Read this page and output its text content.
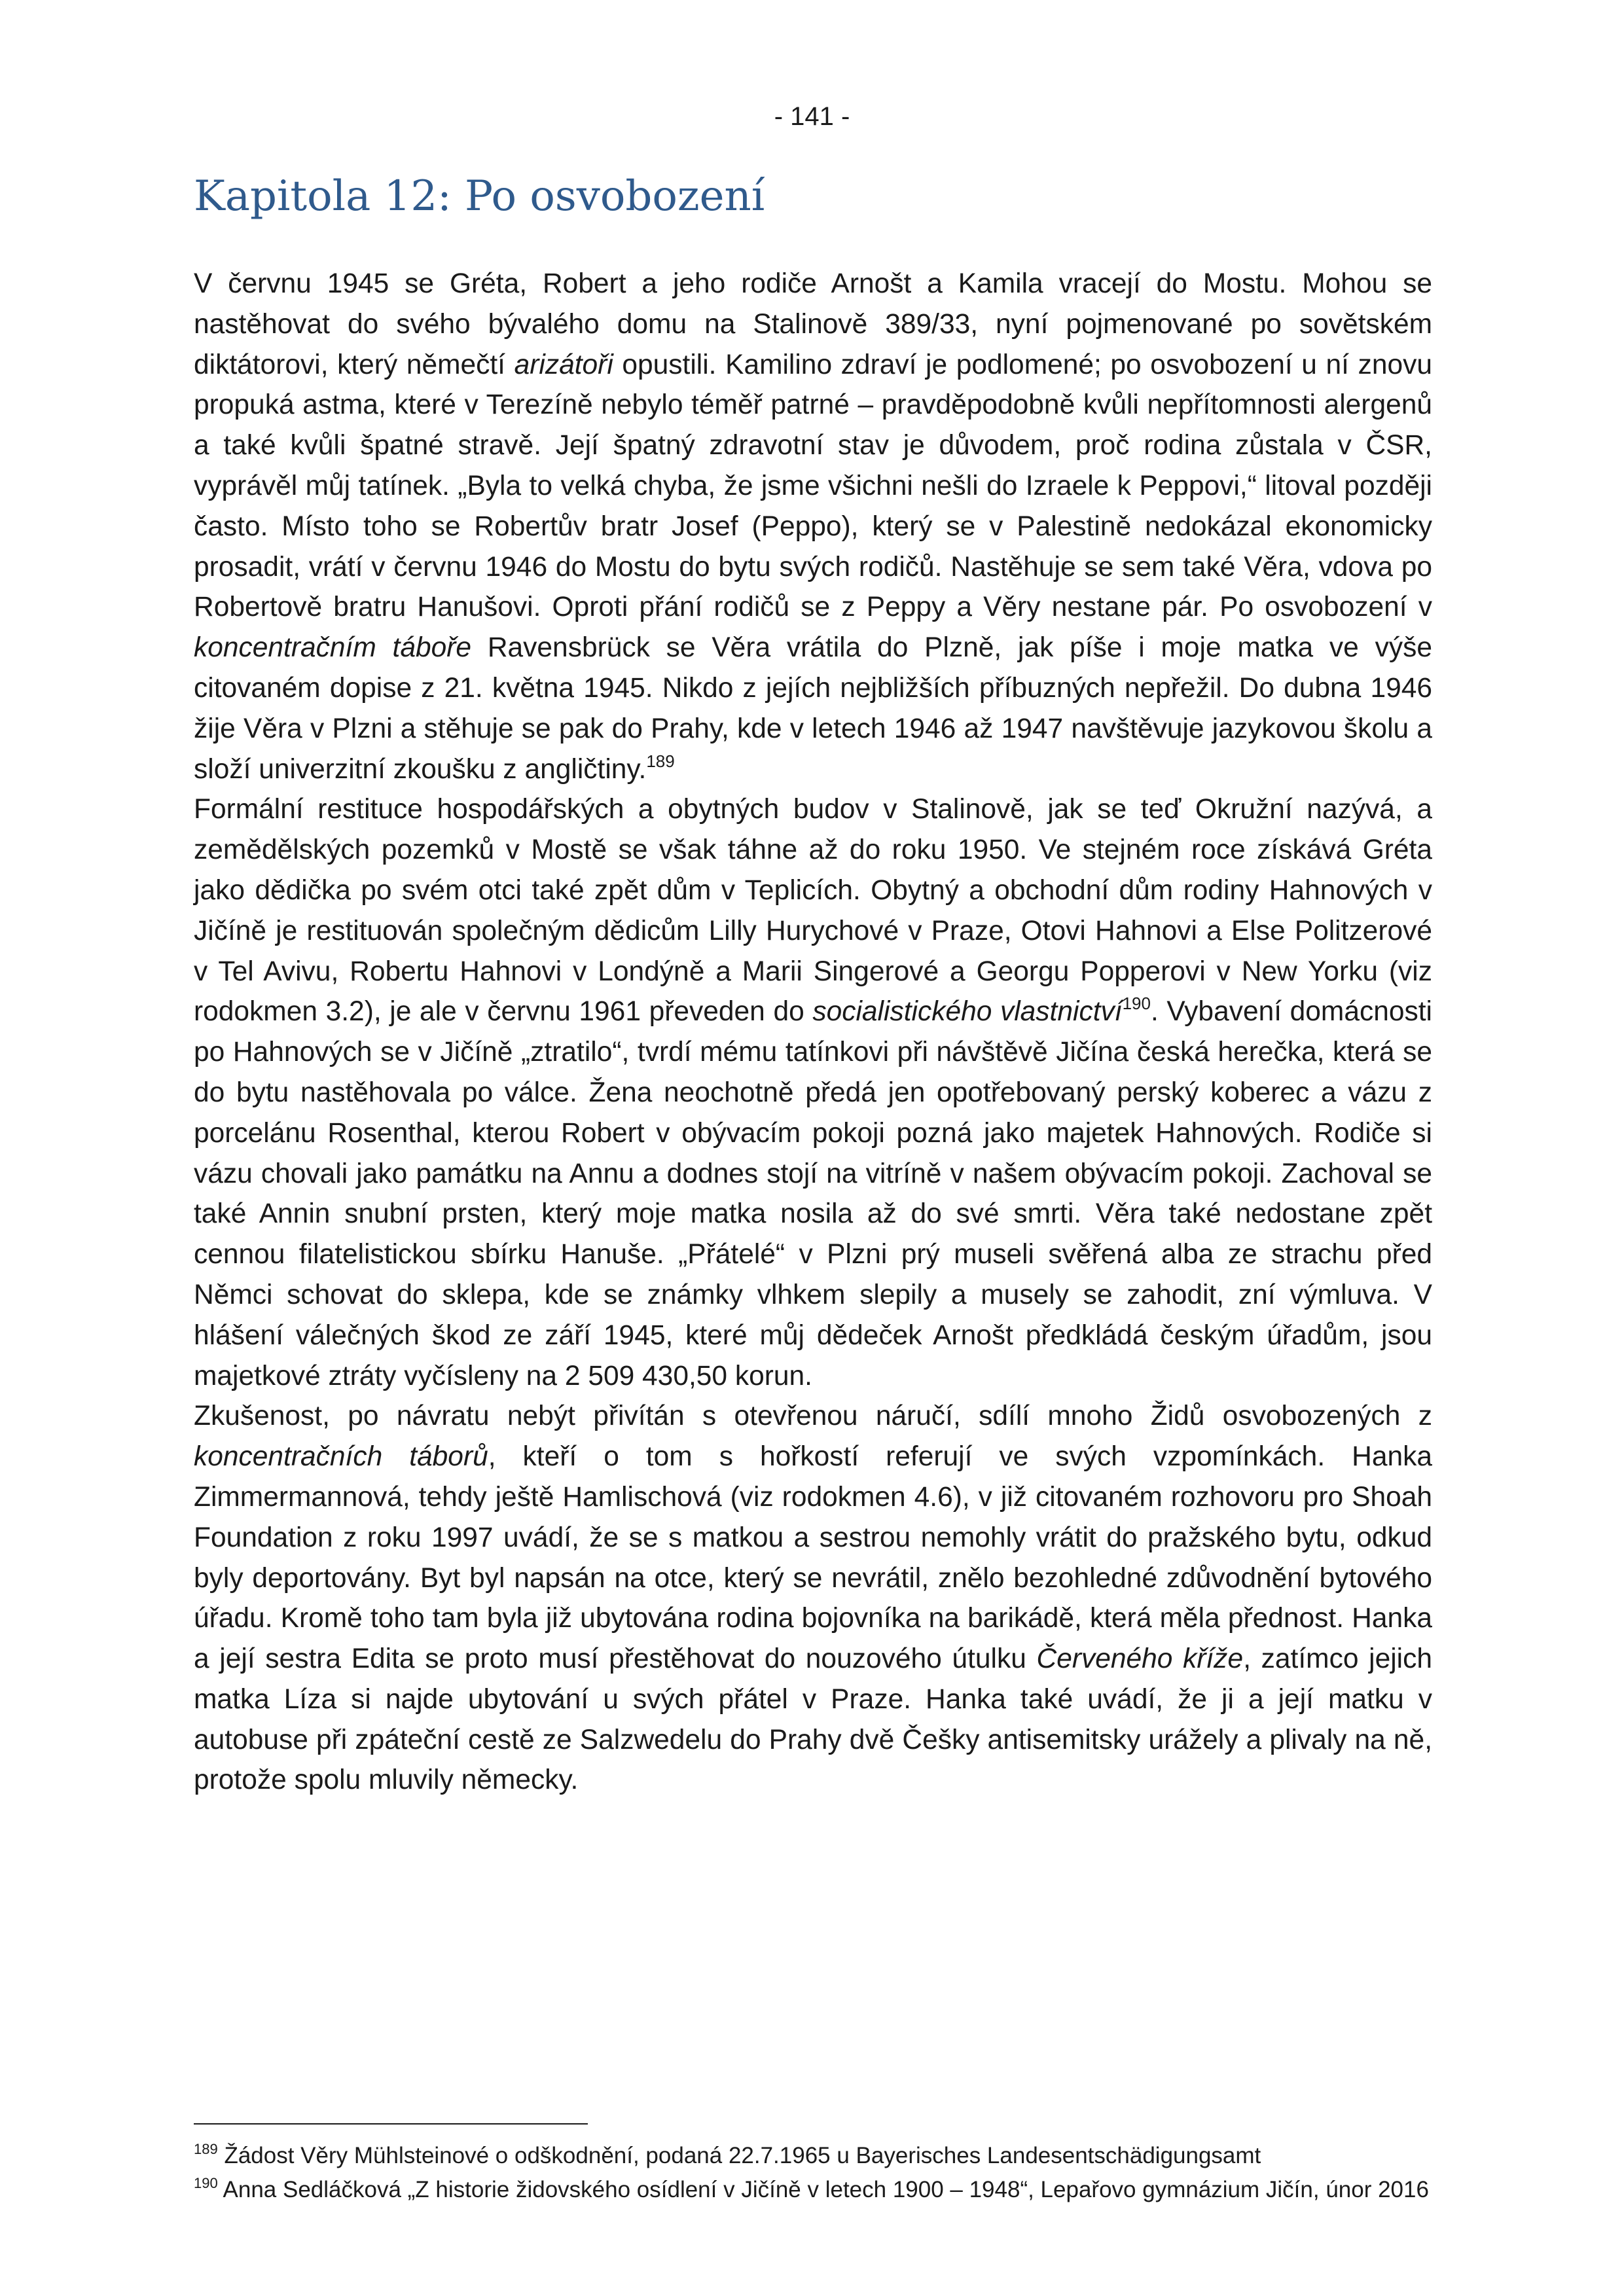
- 141 -
Kapitola 12: Po osvobození

V červnu 1945 se Gréta, Robert a jeho rodiče Arnošt a Kamila vracejí do Mostu. Mohou se nastěhovat do svého bývalého domu na Stalinově 389/33, nyní pojmenované po sovětském diktátorovi, který němečtí arizátoři opustili. Kamilino zdraví je podlomené; po osvobození u ní znovu propuká astma, které v Terezíně nebylo téměř patrné – pravděpodobně kvůli nepřítomnosti alergenů a také kvůli špatné stravě. Její špatný zdravotní stav je důvodem, proč rodina zůstala v ČSR, vyprávěl můj tatínek. „Byla to velká chyba, že jsme všichni nešli do Izraele k Peppovi,“ litoval později často. Místo toho se Robertův bratr Josef (Peppo), který se v Palestině nedokázal ekonomicky prosadit, vrátí v červnu 1946 do Mostu do bytu svých rodičů. Nastěhuje se sem také Věra, vdova po Robertově bratru Hanušovi. Oproti přání rodičů se z Peppy a Věry nestane pár. Po osvobození v koncentračním táboře Ravensbrück se Věra vrátila do Plzně, jak píše i moje matka ve výše citovaném dopise z 21. května 1945. Nikdo z jejích nejbližších příbuzných nepřežil. Do dubna 1946 žije Věra v Plzni a stěhuje se pak do Prahy, kde v letech 1946 až 1947 navštěvuje jazykovou školu a složí univerzitní zkoušku z angličtiny.$^{189}$

Formální restituce hospodářských a obytných budov v Stalinově, jak se teď Okružní nazývá, a zemědělských pozemků v Mostě se však táhne až do roku 1950. Ve stejném roce získává Gréta jako dědička po svém otci také zpět dům v Teplicích. Obytný a obchodní dům rodiny Hahnových v Jičíně je restituován společným dědicům Lilly Hurychové v Praze, Otovi Hahnovi a Else Politzerové v Tel Avivu, Robertu Hahnovi v Londýně a Marii Singerové a Georgu Popperovi v New Yorku (viz rodokmen 3.2), je ale v červnu 1961 převeden do socialistického vlastnictví$^{190}$. Vybavení domácnosti po Hahnových se v Jičíně „ztratilo“, tvrdí mému tatínkovi při návštěvě Jičína česká herečka, která se do bytu nastěhovala po válce. Žena neochotně předá jen opotřebovaný perský koberec a vázu z porcelánu Rosenthal, kterou Robert v obývacím pokoji pozná jako majetek Hahnových. Rodiče si vázu chovali jako památku na Annu a dodnes stojí na vitríně v našem obývacím pokoji. Zachoval se také Annin snubní prsten, který moje matka nosila až do své smrti. Věra také nedostane zpět cennou filatelistickou sbírku Hanuše. „Přátelé“ v Plzni prý museli svěřená alba ze strachu před Němci schovat do sklepa, kde se známky vlhkem slepily a musely se zahodit, zní výmluva. V hlášení válečných škod ze září 1945, které můj dědeček Arnošt předkládá českým úřadům, jsou majetkové ztráty vyčísleny na 2 509 430,50 korun.

Zkušenost, po návratu nebýt přivítán s otevřenou náručí, sdílí mnoho Židů osvobozených z koncentračních táborů, kteří o tom s hořkostí referují ve svých vzpomínkách. Hanka Zimmermannová, tehdy ještě Hamlischová (viz rodokmen 4.6), v již citovaném rozhovoru pro Shoah Foundation z roku 1997 uvádí, že se s matkou a sestrou nemohly vrátit do pražského bytu, odkud byly deportovány. Byt byl napsán na otce, který se nevrátil, znělo bezohledné zdůvodnění bytového úřadu. Kromě toho tam byla již ubytována rodina bojovníka na barikádě, která měla přednost. Hanka a její sestra Edita se proto musí přestěhovat do nouzového útulku Červeného kříže, zatímco jejich matka Líza si najde ubytování u svých přátel v Praze. Hanka také uvádí, že ji a její matku v autobuse při zpáteční cestě ze Salzwedelu do Prahy dvě Češky antisemitsky urážely a plivaly na ně, protože spolu mluvily německy.

$^{189}$ Žádost Věry Mühlsteinové o odškodnění, podaná 22.7.1965 u Bayerisches Landesentschädigungsamt

$^{190}$ Anna Sedláčková „Z historie židovského osídlení v Jičíně v letech 1900 – 1948“, Lepařovo gymnázium Jičín, únor 2016
